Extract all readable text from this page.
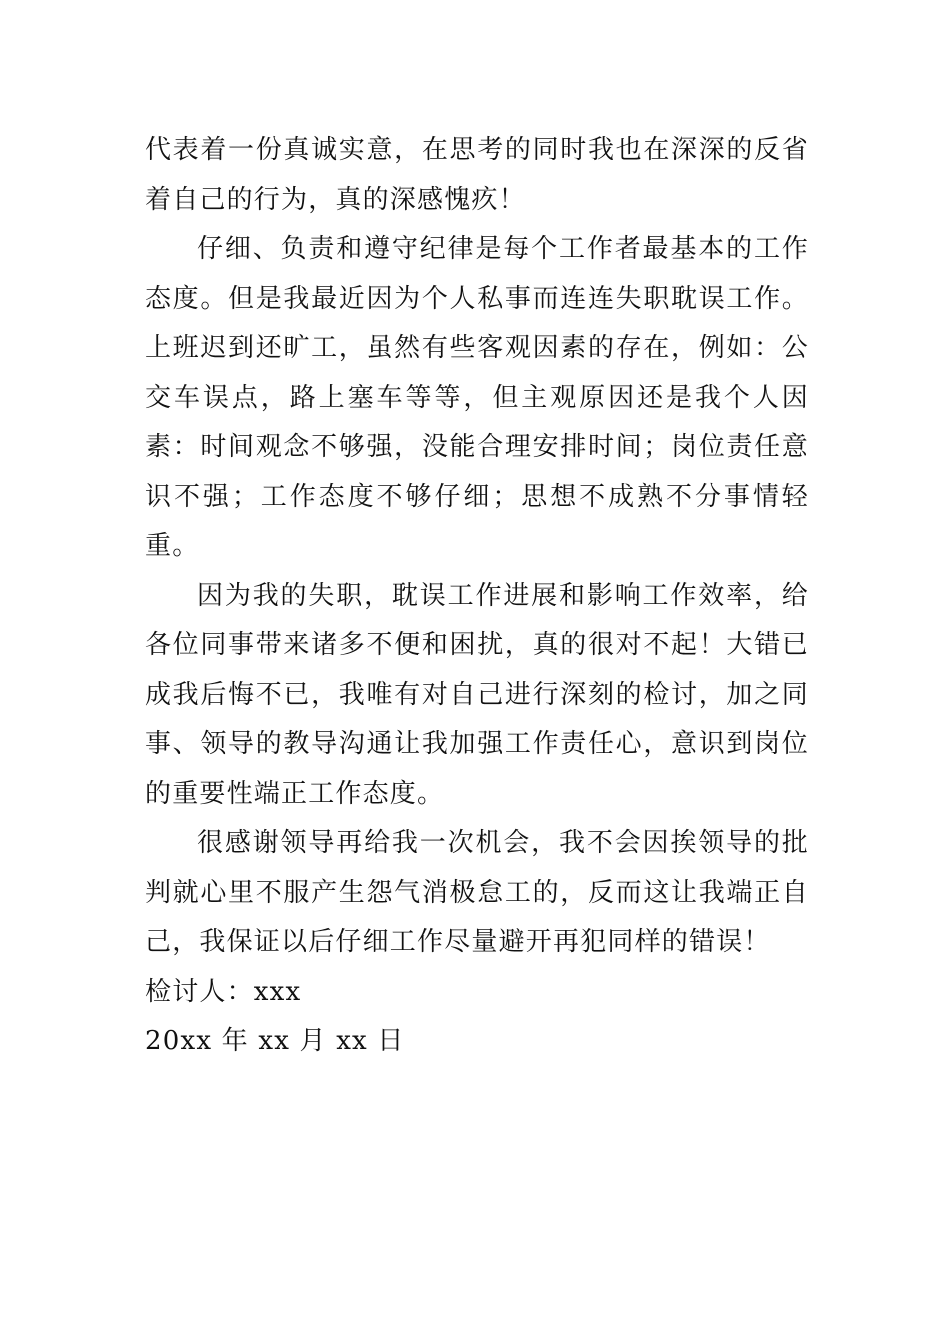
代表着一份真诚实意，在思考的同时我也在深深的反省着自己的行为，真的深感愧疚！

仔细、负责和遵守纪律是每个工作者最基本的工作态度。但是我最近因为个人私事而连连失职耽误工作。上班迟到还旷工，虽然有些客观因素的存在，例如：公交车误点，路上塞车等等，但主观原因还是我个人因素：时间观念不够强，没能合理安排时间；岗位责任意识不强；工作态度不够仔细；思想不成熟不分事情轻重。

因为我的失职，耽误工作进展和影响工作效率，给各位同事带来诸多不便和困扰，真的很对不起！大错已成我后悔不已，我唯有对自己进行深刻的检讨，加之同事、领导的教导沟通让我加强工作责任心，意识到岗位的重要性端正工作态度。

很感谢领导再给我一次机会，我不会因挨领导的批判就心里不服产生怨气消极怠工的，反而这让我端正自己，我保证以后仔细工作尽量避开再犯同样的错误！

检讨人：xxx

20xx 年 xx 月 xx 日
